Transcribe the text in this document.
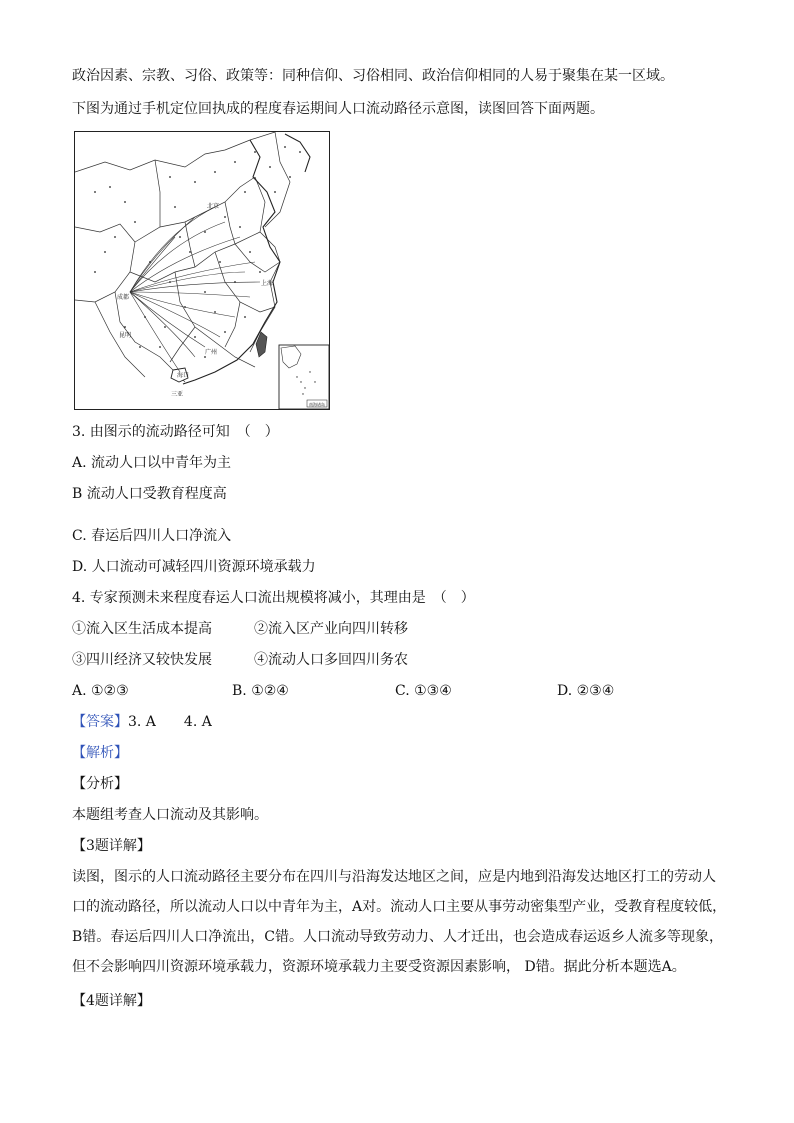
政治因素、宗教、习俗、政策等：同种信仰、习俗相同、政治信仰相同的人易于聚集在某一区域。
下图为通过手机定位回执成的程度春运期间人口流动路径示意图，读图回答下面两题。
北京
上海
成都
广州
海口
三亚
昆明
南海诸岛
3. 由图示的流动路径可知　（　）
A. 流动人口以中青年为主
B 流动人口受教育程度高
C. 春运后四川人口净流入
D. 人口流动可减轻四川资源环境承载力
4. 专家预测未来程度春运人口流出规模将减小，其理由是　（　）
①流入区生活成本提高	②流入区产业向四川转移
③四川经济又较快发展	④流动人口多回四川务农
A. ①②③	B. ①②④	C. ①③④	D. ②③④
【答案】3. A　　4. A
【解析】
【分析】
本题组考查人口流动及其影响。
【3题详解】
读图，图示的人口流动路径主要分布在四川与沿海发达地区之间，应是内地到沿海发达地区打工的劳动人口的流动路径，所以流动人口以中青年为主，A对。流动人口主要从事劳动密集型产业，受教育程度较低，B错。春运后四川人口净流出，C错。人口流动导致劳动力、人才迁出，也会造成春运返乡人流多等现象，但不会影响四川资源环境承载力，资源环境承载力主要受资源因素影响， D错。据此分析本题选A。
【4题详解】
